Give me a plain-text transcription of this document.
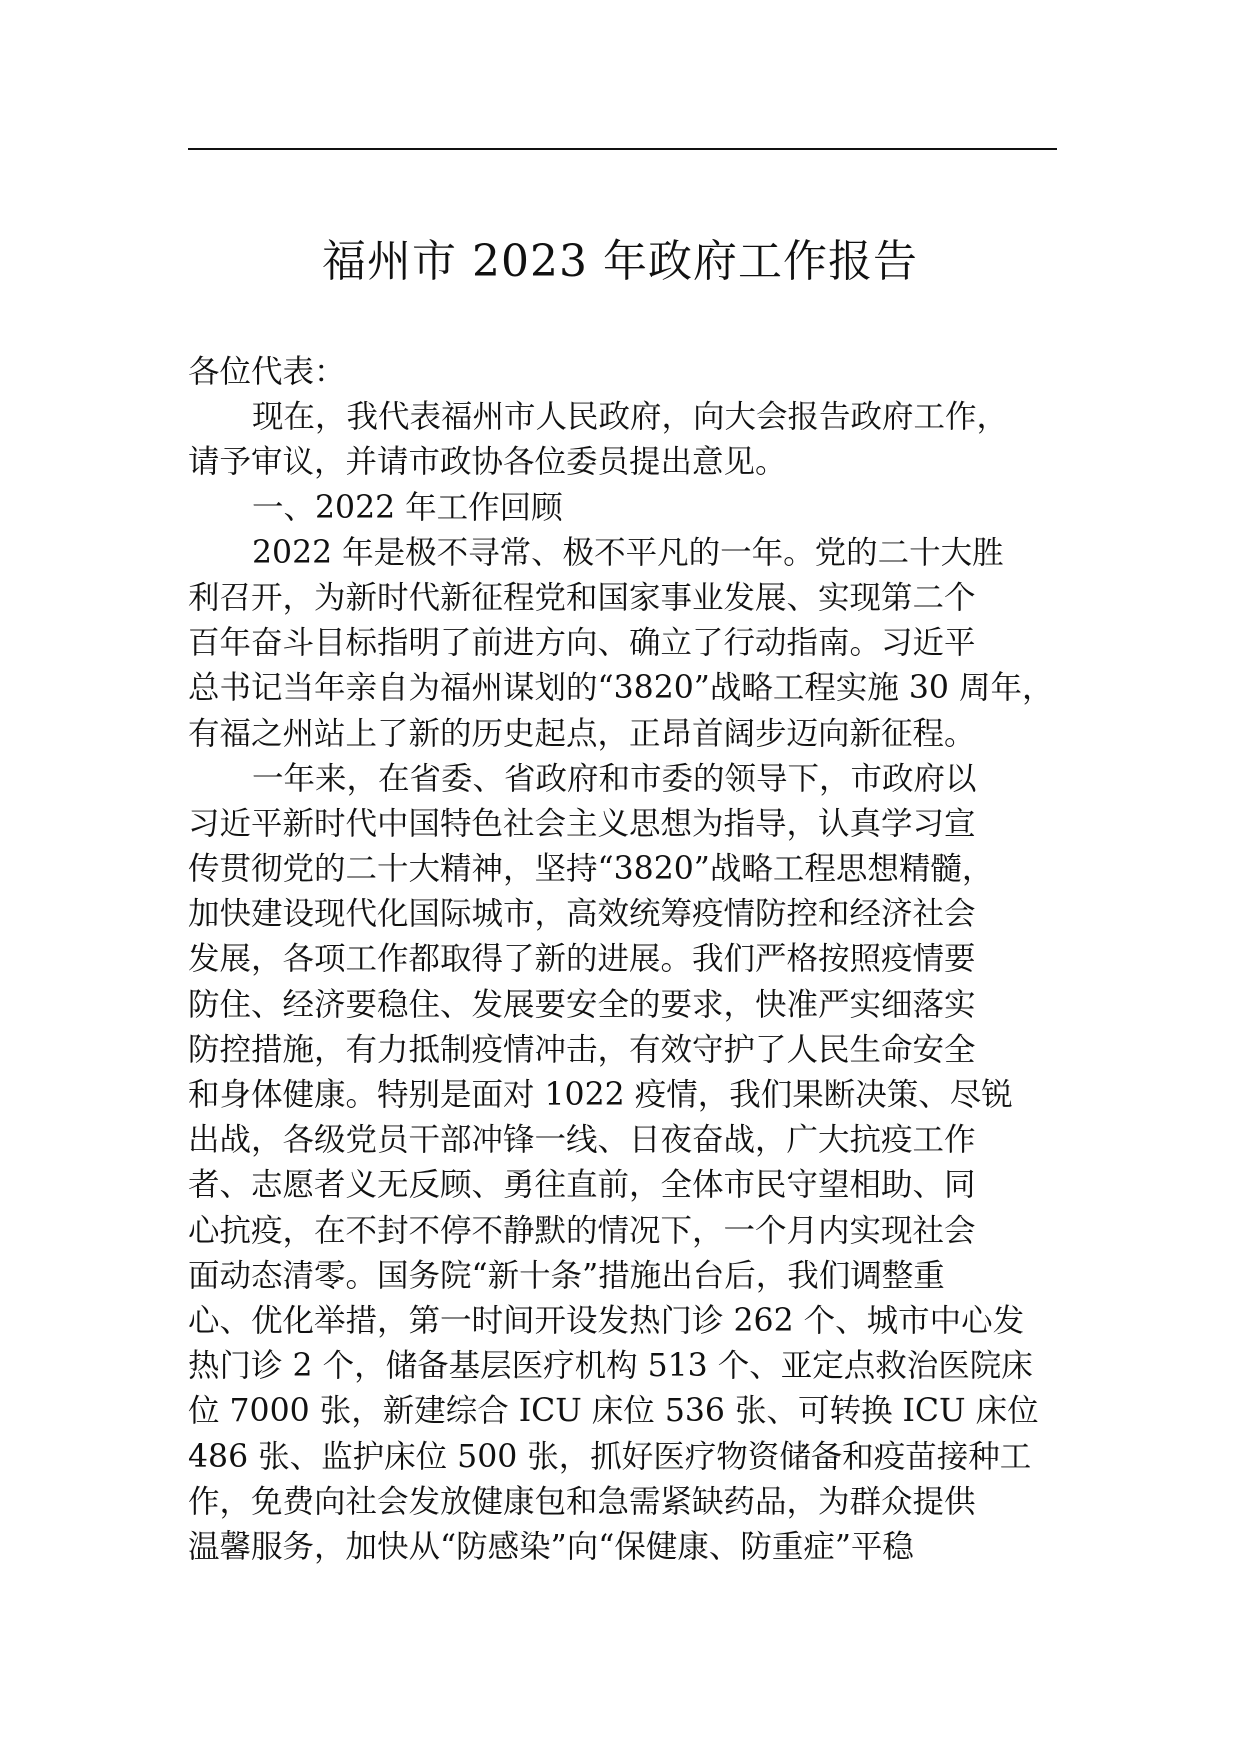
福州市 2023 年政府工作报告
各位代表：
现在，我代表福州市人民政府，向大会报告政府工作，
请予审议，并请市政协各位委员提出意见。
一、2022 年工作回顾
2022 年是极不寻常、极不平凡的一年。党的二十大胜
利召开，为新时代新征程党和国家事业发展、实现第二个
百年奋斗目标指明了前进方向、确立了行动指南。习近平
总书记当年亲自为福州谋划的“3820”战略工程实施 30 周年，
有福之州站上了新的历史起点，正昂首阔步迈向新征程。
一年来，在省委、省政府和市委的领导下，市政府以
习近平新时代中国特色社会主义思想为指导，认真学习宣
传贯彻党的二十大精神，坚持“3820”战略工程思想精髓，
加快建设现代化国际城市，高效统筹疫情防控和经济社会
发展，各项工作都取得了新的进展。我们严格按照疫情要
防住、经济要稳住、发展要安全的要求，快准严实细落实
防控措施，有力抵制疫情冲击，有效守护了人民生命安全
和身体健康。特别是面对 1022 疫情，我们果断决策、尽锐
出战，各级党员干部冲锋一线、日夜奋战，广大抗疫工作
者、志愿者义无反顾、勇往直前，全体市民守望相助、同
心抗疫，在不封不停不静默的情况下，一个月内实现社会
面动态清零。国务院“新十条”措施出台后，我们调整重
心、优化举措，第一时间开设发热门诊 262 个、城市中心发
热门诊 2 个，储备基层医疗机构 513 个、亚定点救治医院床
位 7000 张，新建综合 ICU 床位 536 张、可转换 ICU 床位
486 张、监护床位 500 张，抓好医疗物资储备和疫苗接种工
作，免费向社会发放健康包和急需紧缺药品，为群众提供
温馨服务，加快从“防感染”向“保健康、防重症”平稳
